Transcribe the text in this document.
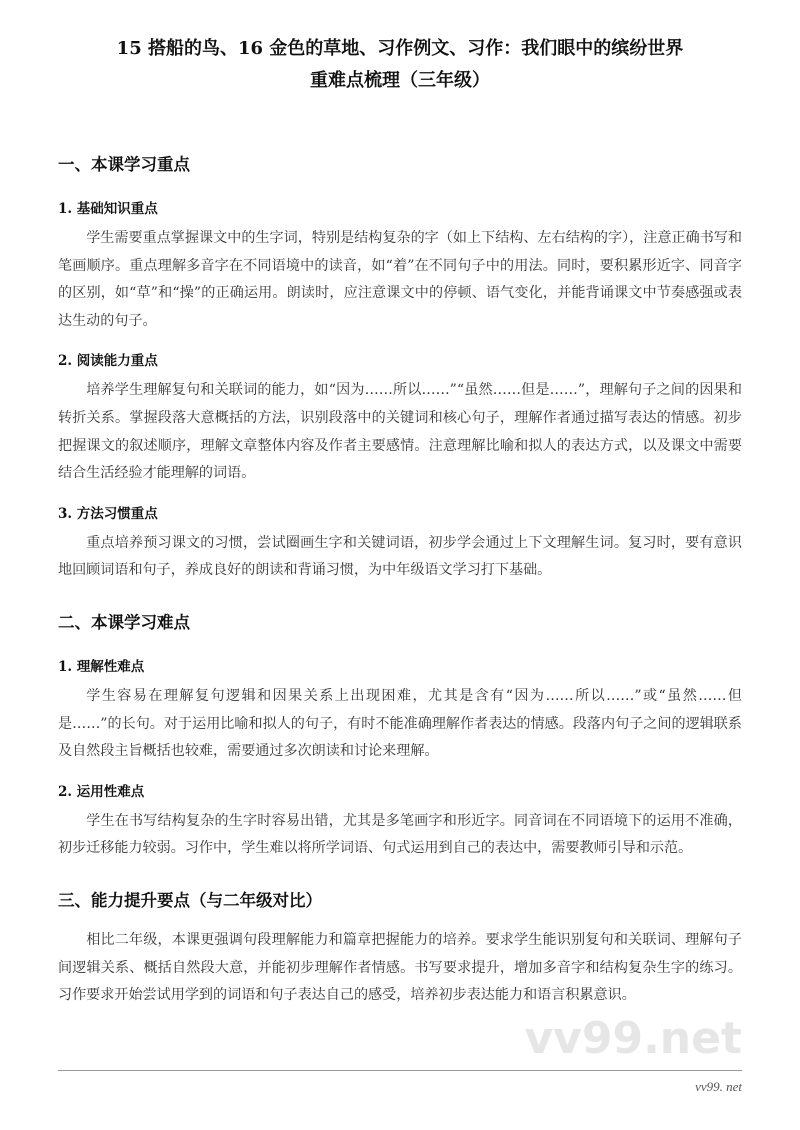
15 搭船的鸟、16 金色的草地、习作例文、习作：我们眼中的缤纷世界
重难点梳理（三年级）
一、本课学习重点
1. 基础知识重点
学生需要重点掌握课文中的生字词，特别是结构复杂的字（如上下结构、左右结构的字），注意正确书写和笔画顺序。重点理解多音字在不同语境中的读音，如“着”在不同句子中的用法。同时，要积累形近字、同音字的区别，如“草”和“操”的正确运用。朗读时，应注意课文中的停顿、语气变化，并能背诵课文中节奏感强或表达生动的句子。
2. 阅读能力重点
培养学生理解复句和关联词的能力，如“因为……所以……”“虽然……但是……”，理解句子之间的因果和转折关系。掌握段落大意概括的方法，识别段落中的关键词和核心句子，理解作者通过描写表达的情感。初步把握课文的叙述顺序，理解文章整体内容及作者主要感情。注意理解比喻和拟人的表达方式，以及课文中需要结合生活经验才能理解的词语。
3. 方法习惯重点
重点培养预习课文的习惯，尝试圈画生字和关键词语，初步学会通过上下文理解生词。复习时，要有意识地回顾词语和句子，养成良好的朗读和背诵习惯，为中年级语文学习打下基础。
二、本课学习难点
1. 理解性难点
学生容易在理解复句逻辑和因果关系上出现困难，尤其是含有“因为……所以……”或“虽然……但是……”的长句。对于运用比喻和拟人的句子，有时不能准确理解作者表达的情感。段落内句子之间的逻辑联系及自然段主旨概括也较难，需要通过多次朗读和讨论来理解。
2. 运用性难点
学生在书写结构复杂的生字时容易出错，尤其是多笔画字和形近字。同音词在不同语境下的运用不准确，初步迁移能力较弱。习作中，学生难以将所学词语、句式运用到自己的表达中，需要教师引导和示范。
三、能力提升要点（与二年级对比）
相比二年级，本课更强调句段理解能力和篇章把握能力的培养。要求学生能识别复句和关联词、理解句子间逻辑关系、概括自然段大意，并能初步理解作者情感。书写要求提升，增加多音字和结构复杂生字的练习。习作要求开始尝试用学到的词语和句子表达自己的感受，培养初步表达能力和语言积累意识。
vv99.net
vv99. net
